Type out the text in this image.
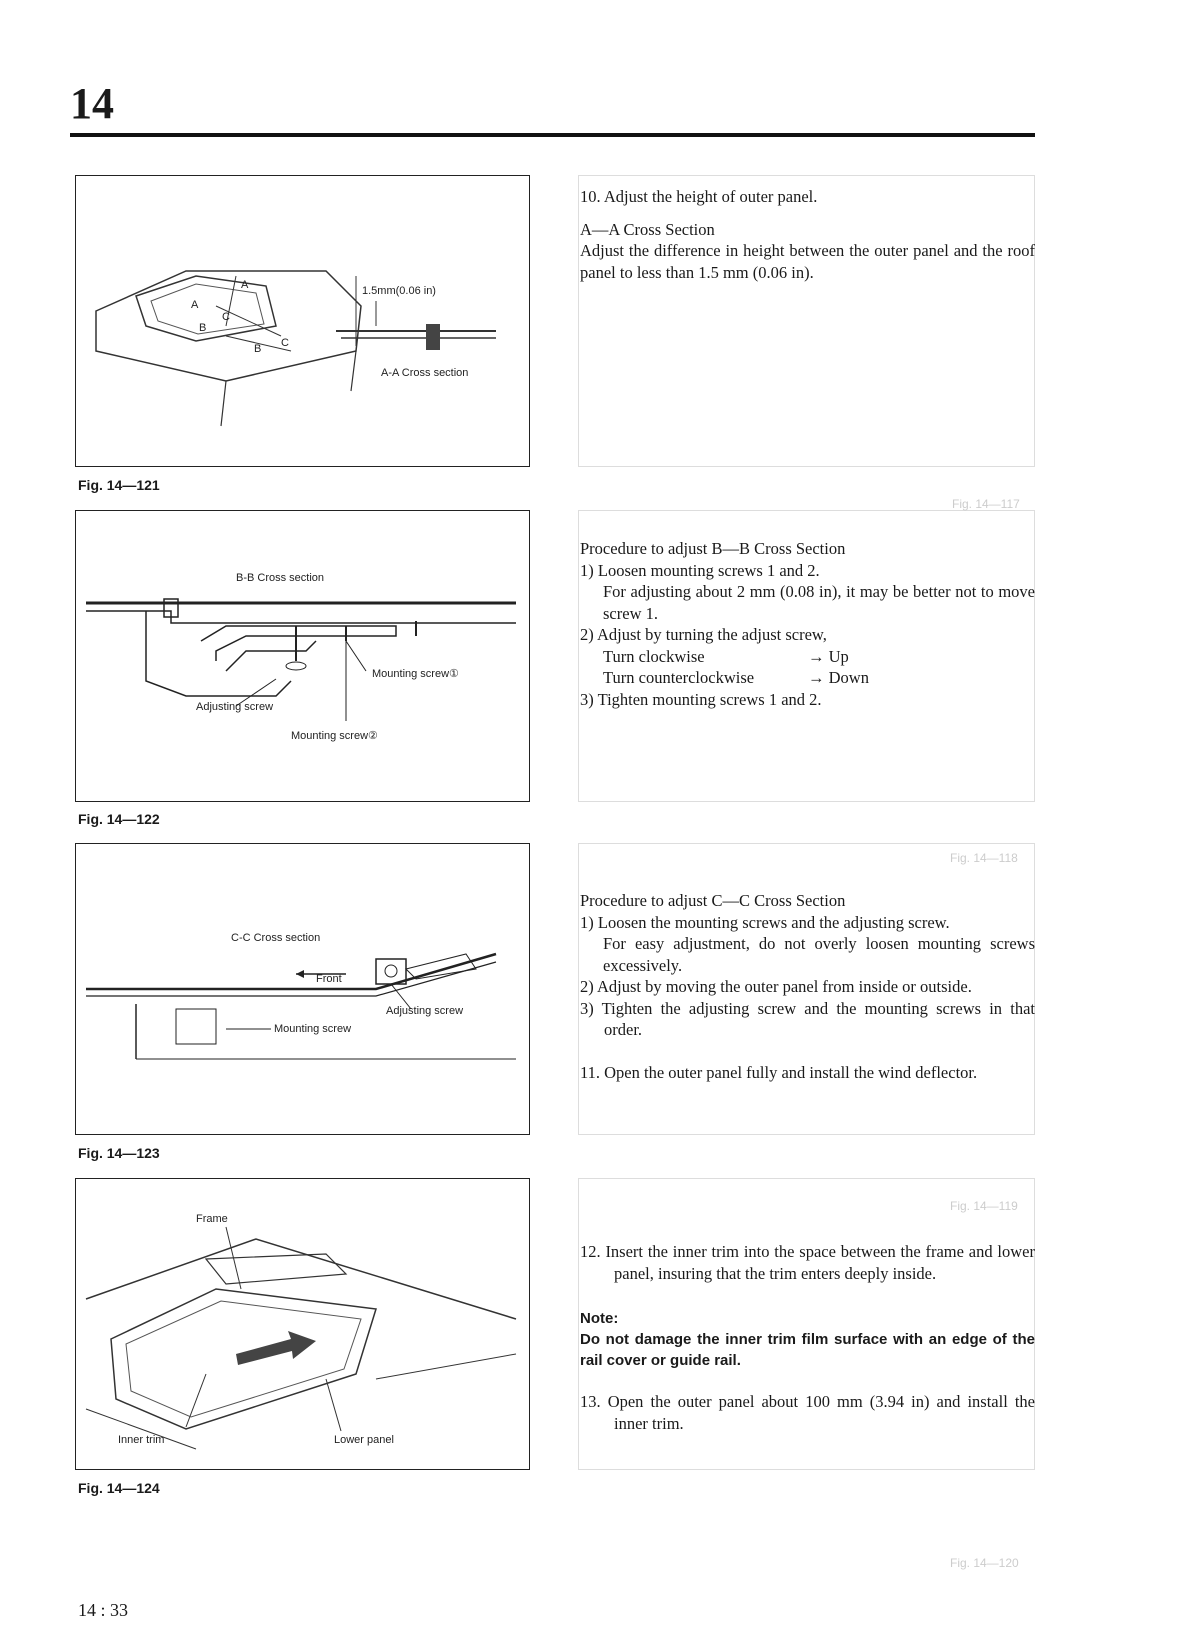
14
A
A
B
B
C
C
1.5mm(0.06 in)
A-A Cross section
Fig. 14—121
B-B Cross section
Mounting screw①
Adjusting screw
Mounting screw②
Fig. 14—122
C-C Cross section
Front
Adjusting screw
Mounting screw
Fig. 14—123
Frame
Inner trim	Lower panel
Fig. 14—124
Fig. 14—117
Fig. 14—118
Fig. 14—119
Fig. 14—120

10. Adjust the height of outer panel.

A—A Cross Section

Adjust the difference in height between the outer panel and the roof panel to less than 1.5 mm (0.06 in).

Procedure to adjust B—B Cross Section

1) Loosen mounting screws 1 and 2.

For adjusting about 2 mm (0.08 in), it may be better not to move screw 1.

2) Adjust by turning the adjust screw,

Turn clockwise	→ Up

Turn counterclockwise	→ Down

3) Tighten mounting screws 1 and 2.

Procedure to adjust C—C Cross Section

1) Loosen the mounting screws and the adjusting screw.

For easy adjustment, do not overly loosen mounting screws excessively.

2) Adjust by moving the outer panel from inside or outside.

3) Tighten the adjusting screw and the mounting screws in that order.

11. Open the outer panel fully and install the wind deflector.

12. Insert the inner trim into the space between the frame and lower panel, insuring that the trim enters deeply inside.

Note:

Do not damage the inner trim film surface with an edge of the rail cover or guide rail.

13. Open the outer panel about 100 mm (3.94 in) and install the inner trim.

14 : 33
